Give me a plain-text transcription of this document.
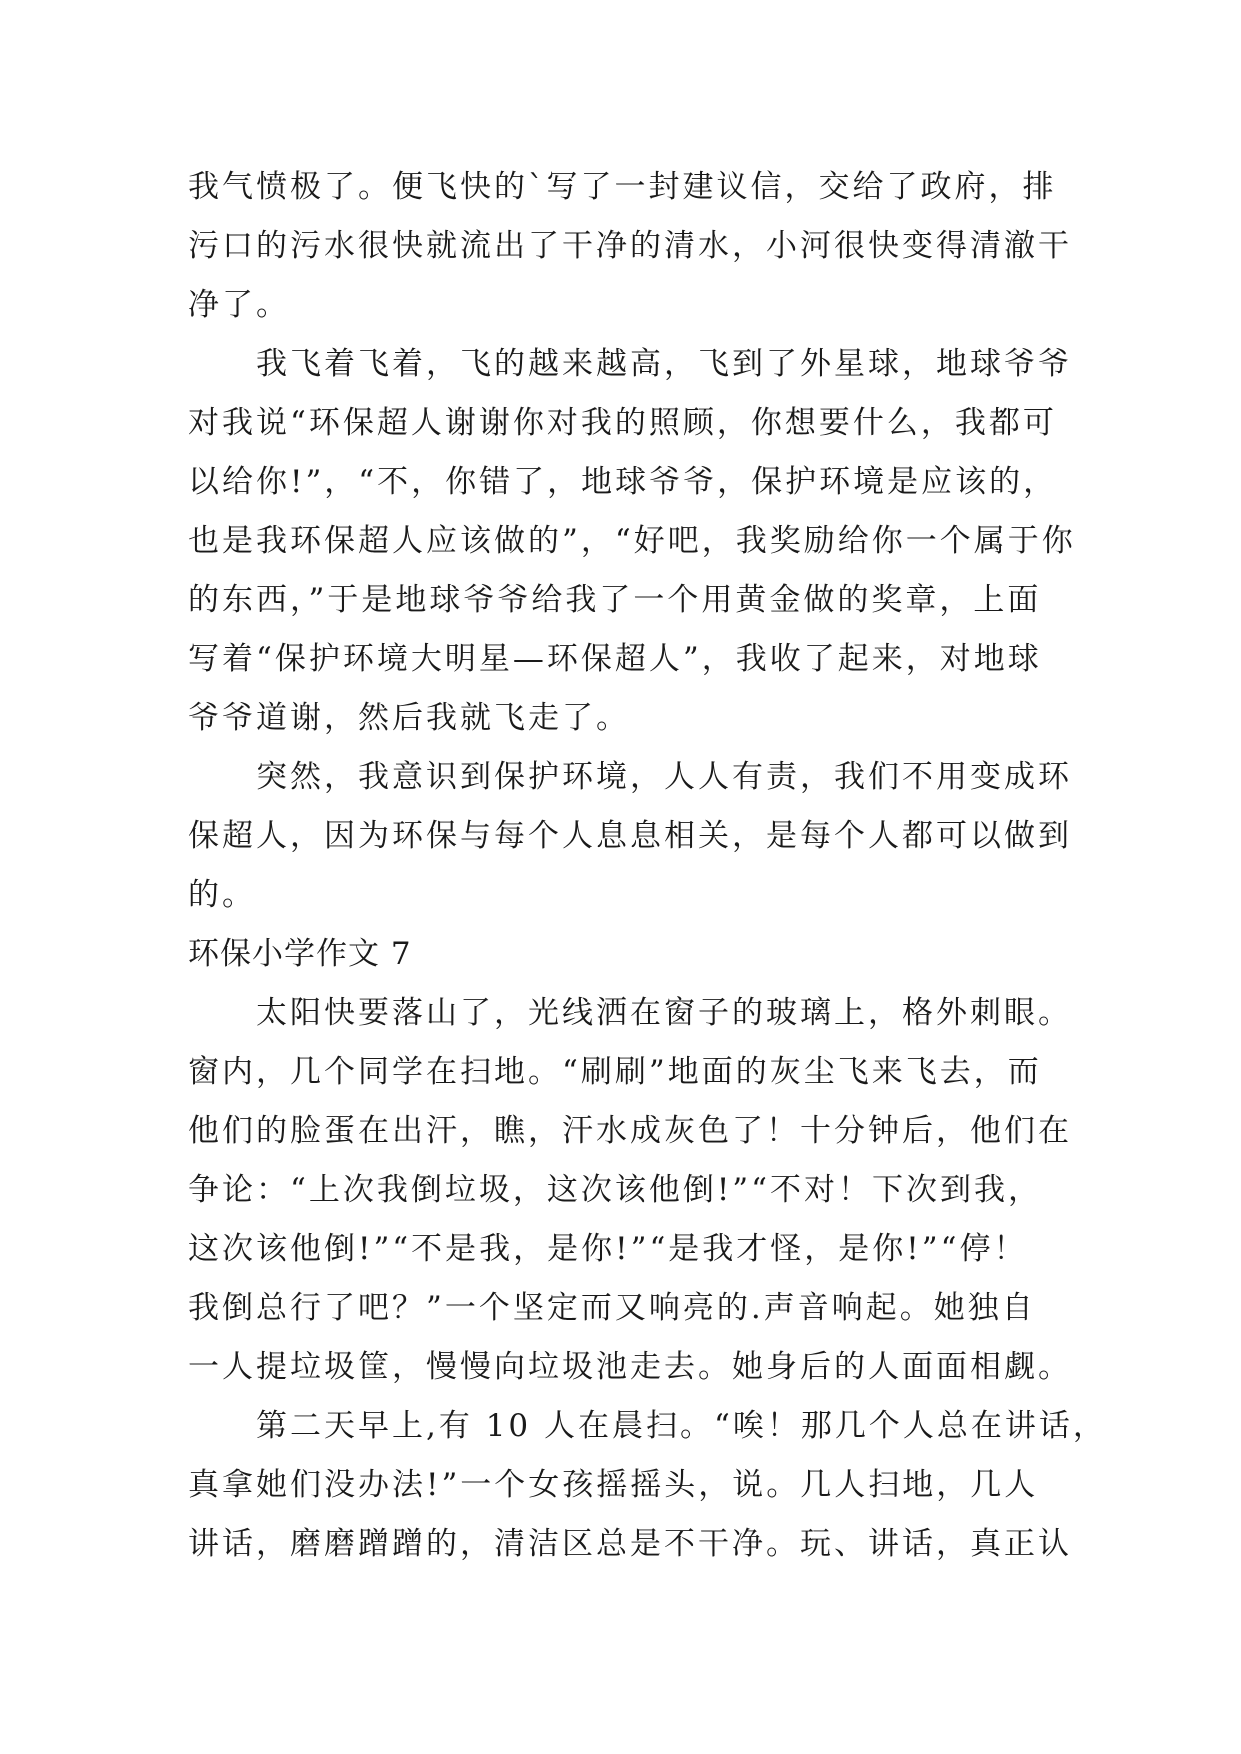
我气愤极了。便飞快的`写了一封建议信，交给了政府，排
污口的污水很快就流出了干净的清水，小河很快变得清澈干
净了。
我飞着飞着，飞的越来越高，飞到了外星球，地球爷爷
对我说“环保超人谢谢你对我的照顾，你想要什么，我都可
以给你!”，“不，你错了，地球爷爷，保护环境是应该的，
也是我环保超人应该做的”，“好吧，我奖励给你一个属于你
的东西，”于是地球爷爷给我了一个用黄金做的奖章，上面
写着“保护环境大明星—环保超人”，我收了起来，对地球
爷爷道谢，然后我就飞走了。
突然，我意识到保护环境，人人有责，我们不用变成环
保超人，因为环保与每个人息息相关，是每个人都可以做到
的。
环保小学作文 7
太阳快要落山了，光线洒在窗子的玻璃上，格外刺眼。
窗内，几个同学在扫地。“刷刷”地面的灰尘飞来飞去，而
他们的脸蛋在出汗，瞧，汗水成灰色了！十分钟后，他们在
争论：“上次我倒垃圾，这次该他倒!”“不对！下次到我，
这次该他倒!”“不是我，是你!”“是我才怪，是你!”“停！
我倒总行了吧？”一个坚定而又响亮的.声音响起。她独自
一人提垃圾筐，慢慢向垃圾池走去。她身后的人面面相觑。
第二天早上,有 10 人在晨扫。“唉！那几个人总在讲话，
真拿她们没办法!”一个女孩摇摇头，说。几人扫地，几人
讲话，磨磨蹭蹭的，清洁区总是不干净。玩、讲话，真正认
